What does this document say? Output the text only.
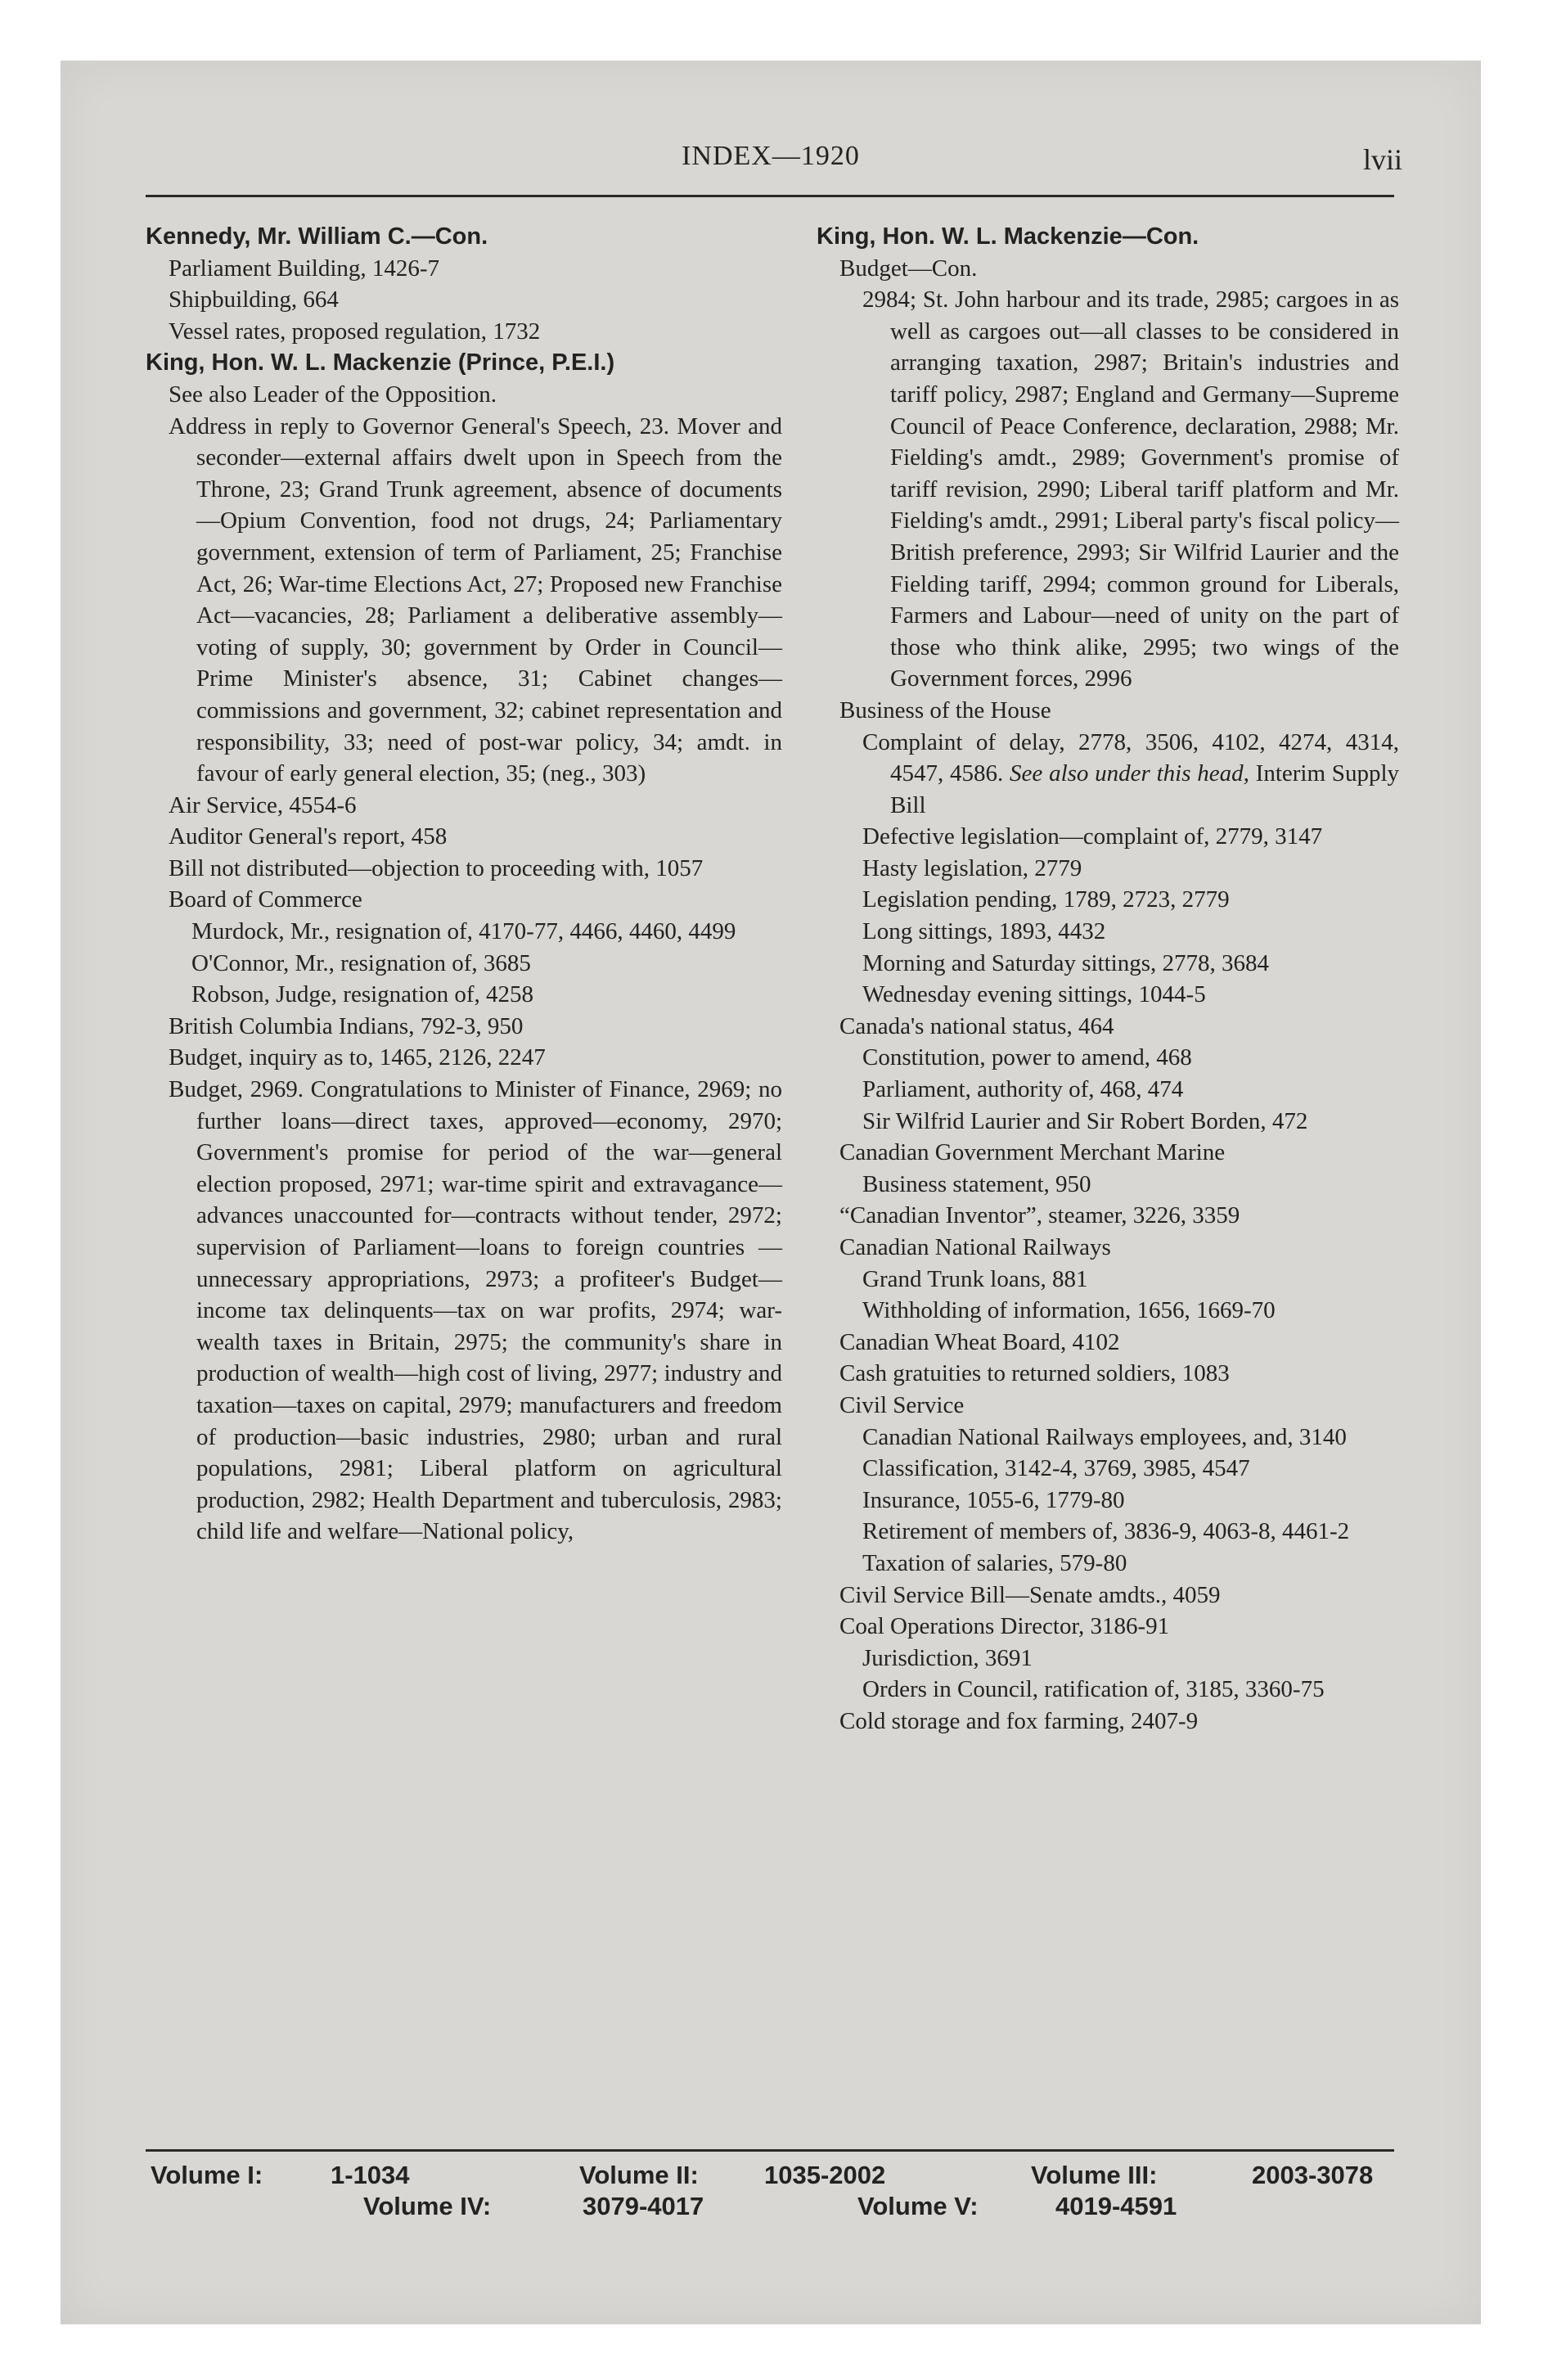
INDEX—1920	lvii
Kennedy, Mr. William C.—Con.
Parliament Building, 1426-7
Shipbuilding, 664
Vessel rates, proposed regulation, 1732
King, Hon. W. L. Mackenzie (Prince, P.E.I.)
See also Leader of the Opposition.
Address in reply to Governor General's Speech, 23. Mover and seconder—external affairs dwelt upon in Speech from the Throne, 23; Grand Trunk agreement, absence of documents—Opium Convention, food not drugs, 24; Parliamentary government, extension of term of Parliament, 25; Franchise Act, 26; War-time Elections Act, 27; Proposed new Franchise Act—vacancies, 28; Parliament a deliberative assembly—voting of supply, 30; government by Order in Council—Prime Minister's absence, 31; Cabinet changes—commissions and government, 32; cabinet representation and responsibility, 33; need of post-war policy, 34; amdt. in favour of early general election, 35; (neg., 303)
Air Service, 4554-6
Auditor General's report, 458
Bill not distributed—objection to proceeding with, 1057
Board of Commerce
Murdock, Mr., resignation of, 4170-77, 4466, 4460, 4499
O'Connor, Mr., resignation of, 3685
Robson, Judge, resignation of, 4258
British Columbia Indians, 792-3, 950
Budget, inquiry as to, 1465, 2126, 2247
Budget, 2969. Congratulations to Minister of Finance, 2969; no further loans—direct taxes, approved—economy, 2970; Government's promise for period of the war—general election proposed, 2971; war-time spirit and extravagance—advances unaccounted for—contracts without tender, 2972; supervision of Parliament—loans to foreign countries — unnecessary appropriations, 2973; a profiteer's Budget—income tax delinquents—tax on war profits, 2974; war-wealth taxes in Britain, 2975; the community's share in production of wealth—high cost of living, 2977; industry and taxation—taxes on capital, 2979; manufacturers and freedom of production—basic industries, 2980; urban and rural populations, 2981; Liberal platform on agricultural production, 2982; Health Department and tuberculosis, 2983; child life and welfare—National policy,
King, Hon. W. L. Mackenzie—Con.
Budget—Con.
2984; St. John harbour and its trade, 2985; cargoes in as well as cargoes out—all classes to be considered in arranging taxation, 2987; Britain's industries and tariff policy, 2987; England and Germany—Supreme Council of Peace Conference, declaration, 2988; Mr. Fielding's amdt., 2989; Government's promise of tariff revision, 2990; Liberal tariff platform and Mr. Fielding's amdt., 2991; Liberal party's fiscal policy—British preference, 2993; Sir Wilfrid Laurier and the Fielding tariff, 2994; common ground for Liberals, Farmers and Labour—need of unity on the part of those who think alike, 2995; two wings of the Government forces, 2996
Business of the House
Complaint of delay, 2778, 3506, 4102, 4274, 4314, 4547, 4586. See also under this head, Interim Supply Bill
Defective legislation—complaint of, 2779, 3147
Hasty legislation, 2779
Legislation pending, 1789, 2723, 2779
Long sittings, 1893, 4432
Morning and Saturday sittings, 2778, 3684
Wednesday evening sittings, 1044-5
Canada's national status, 464
Constitution, power to amend, 468
Parliament, authority of, 468, 474
Sir Wilfrid Laurier and Sir Robert Borden, 472
Canadian Government Merchant Marine
Business statement, 950
“Canadian Inventor”, steamer, 3226, 3359
Canadian National Railways
Grand Trunk loans, 881
Withholding of information, 1656, 1669-70
Canadian Wheat Board, 4102
Cash gratuities to returned soldiers, 1083
Civil Service
Canadian National Railways employees, and, 3140
Classification, 3142-4, 3769, 3985, 4547
Insurance, 1055-6, 1779-80
Retirement of members of, 3836-9, 4063-8, 4461-2
Taxation of salaries, 579-80
Civil Service Bill—Senate amdts., 4059
Coal Operations Director, 3186-91
Jurisdiction, 3691
Orders in Council, ratification of, 3185, 3360-75
Cold storage and fox farming, 2407-9
Volume I:	1-1034	Volume II:	1035-2002	Volume III:	2003-3078
Volume IV:	3079-4017	Volume V:	4019-4591
